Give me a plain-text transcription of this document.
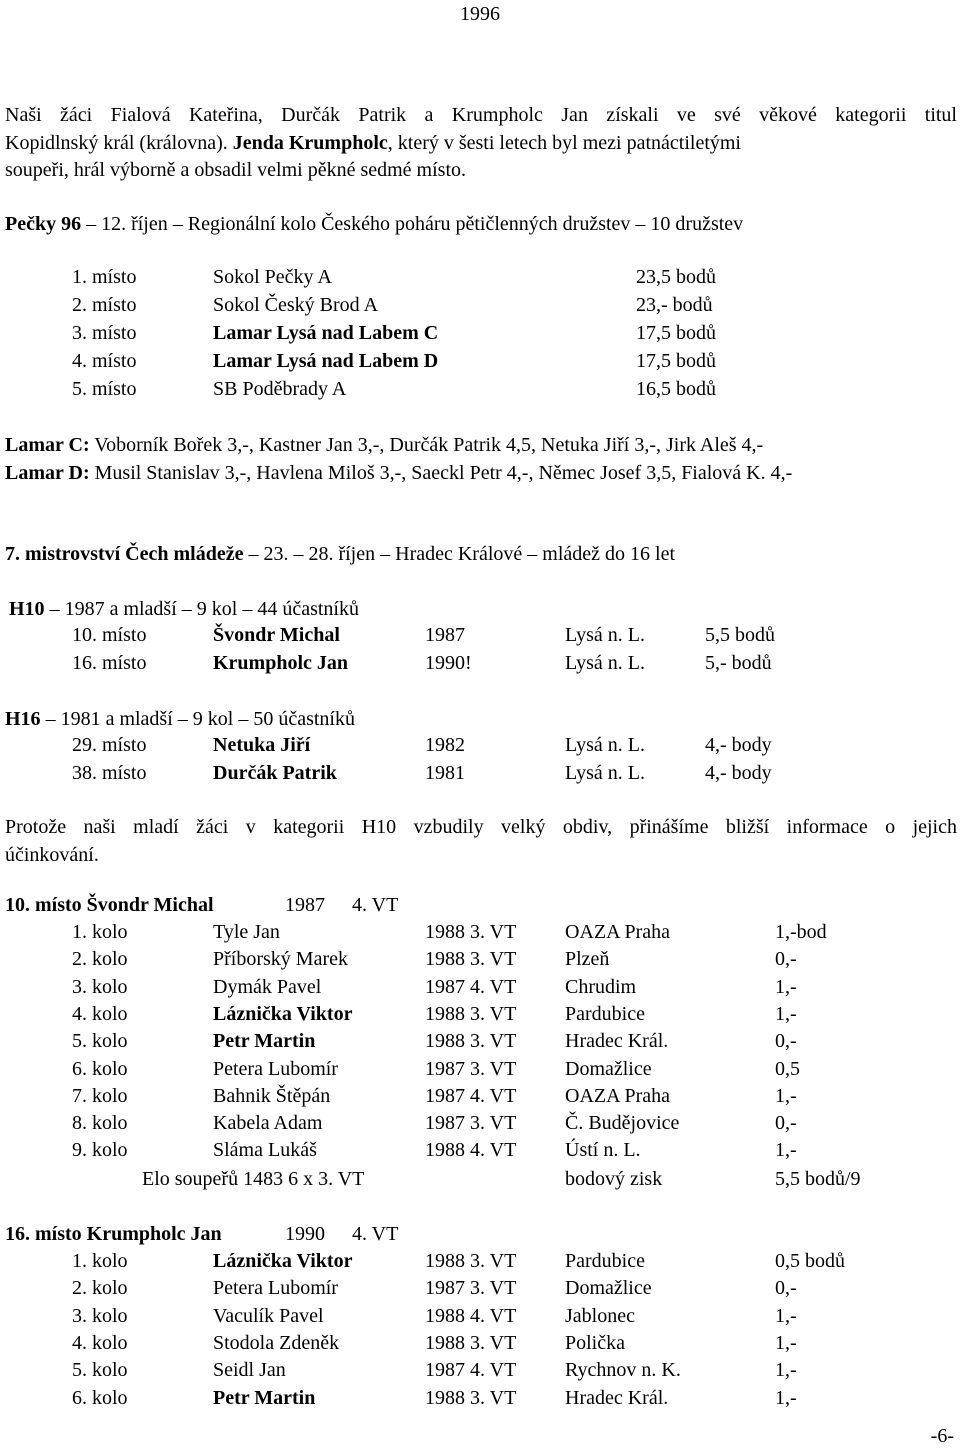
1996
Naši žáci Fialová Kateřina, Durčák Patrik a Krumpholc Jan získali ve své věkové kategorii titul
Kopidlnský král (královna). Jenda Krumpholc, který v šesti letech byl mezi patnáctiletými
soupeři, hrál výborně a obsadil velmi pěkné sedmé místo.
Pečky 96 – 12. říjen – Regionální kolo Českého poháru pětičlenných družstev – 10 družstev
1. místo	Sokol Pečky A	23,5 bodů
2. místo	Sokol Český Brod A	23,- bodů
3. místo	Lamar Lysá nad Labem C	17,5 bodů
4. místo	Lamar Lysá nad Labem D	17,5 bodů
5. místo	SB Poděbrady A	16,5 bodů
Lamar C: Voborník Bořek 3,-, Kastner Jan 3,-, Durčák Patrik 4,5, Netuka Jiří 3,-, Jirk Aleš 4,-
Lamar D: Musil Stanislav 3,-, Havlena Miloš 3,-, Saeckl Petr 4,-, Němec Josef 3,5, Fialová K. 4,-
7. mistrovství Čech mládeže – 23. – 28. říjen – Hradec Králové – mládež do 16 let
H10 – 1987 a mladší – 9 kol – 44 účastníků
10. místo	Švondr Michal	1987	Lysá n. L.	5,5 bodů
16. místo	Krumpholc Jan	1990!	Lysá n. L.	5,- bodů
H16 – 1981 a mladší – 9 kol – 50 účastníků
29. místo	Netuka Jiří	1982	Lysá n. L.	4,- body
38. místo	Durčák Patrik	1981	Lysá n. L.	4,- body
Protože naši mladí žáci v kategorii H10 vzbudily velký obdiv, přinášíme bližší informace o jejich
účinkování.
10. místo Švondr Michal	1987 4. VT
1. kolo	Tyle Jan	1988 3. VT OAZA Praha	1,-bod
2. kolo	Příborský Marek	1988 3. VT Plzeň	0,-
3. kolo	Dymák Pavel	1987 4. VT Chrudim	1,-
4. kolo	Láznička Viktor	1988 3. VT Pardubice	1,-
5. kolo	Petr Martin	1988 3. VT Hradec Král.	0,-
6. kolo	Petera Lubomír	1987 3. VT Domažlice	0,5
7. kolo	Bahnik Štěpán	1987 4. VT OAZA Praha	1,-
8. kolo	Kabela Adam	1987 3. VT Č. Budějovice	0,-
9. kolo	Sláma Lukáš	1988 4. VT Ústí n. L.	1,-
Elo soupeřů 1483 6 x 3. VT	bodový zisk	5,5 bodů/9
16. místo Krumpholc Jan	1990 4. VT
1. kolo	Láznička Viktor	1988 3. VT Pardubice	0,5 bodů
2. kolo	Petera Lubomír	1987 3. VT Domažlice	0,-
3. kolo	Vaculík Pavel	1988 4. VT Jablonec	1,-
4. kolo	Stodola Zdeněk	1988 3. VT Polička	1,-
5. kolo	Seidl Jan	1987 4. VT Rychnov n. K.	1,-
6. kolo	Petr Martin	1988 3. VT Hradec Král.	1,-
-6-
